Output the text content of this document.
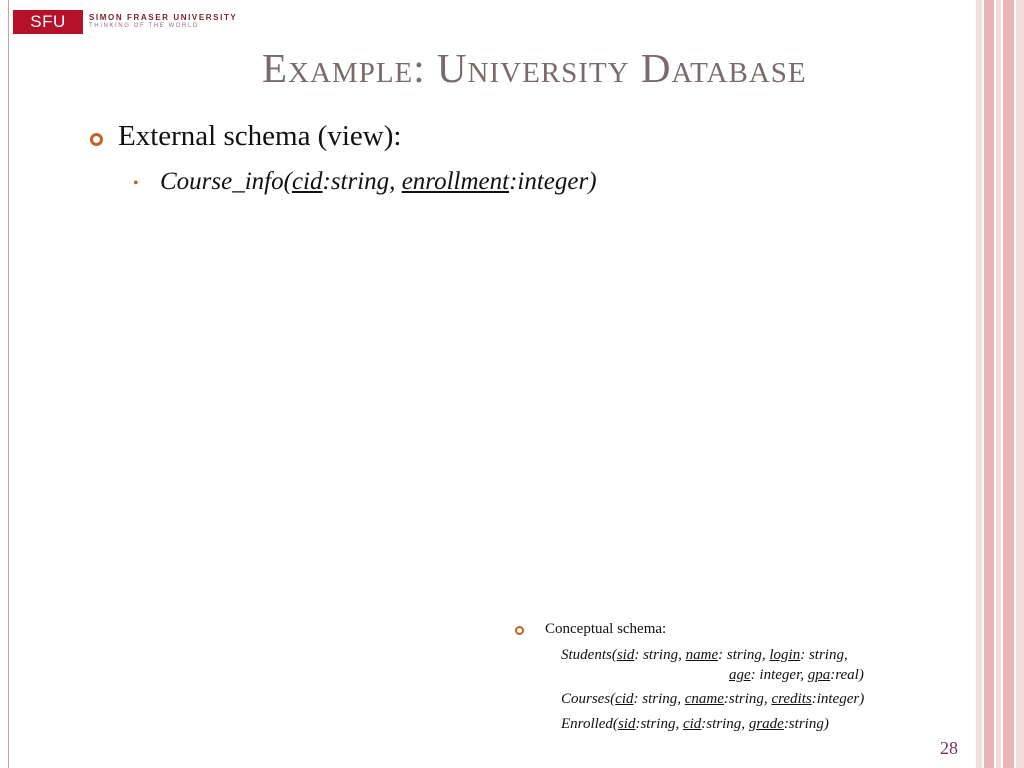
SFU	SIMON FRASER UNIVERSITY
THINKING OF THE WORLD
Example: University Database
External schema (view):
• Course_info(cid:string, enrollment:integer)
Conceptual schema:
Students(sid: string, name: string, login: string,
age: integer, gpa:real)
Courses(cid: string, cname:string, credits:integer)
Enrolled(sid:string, cid:string, grade:string)
28
